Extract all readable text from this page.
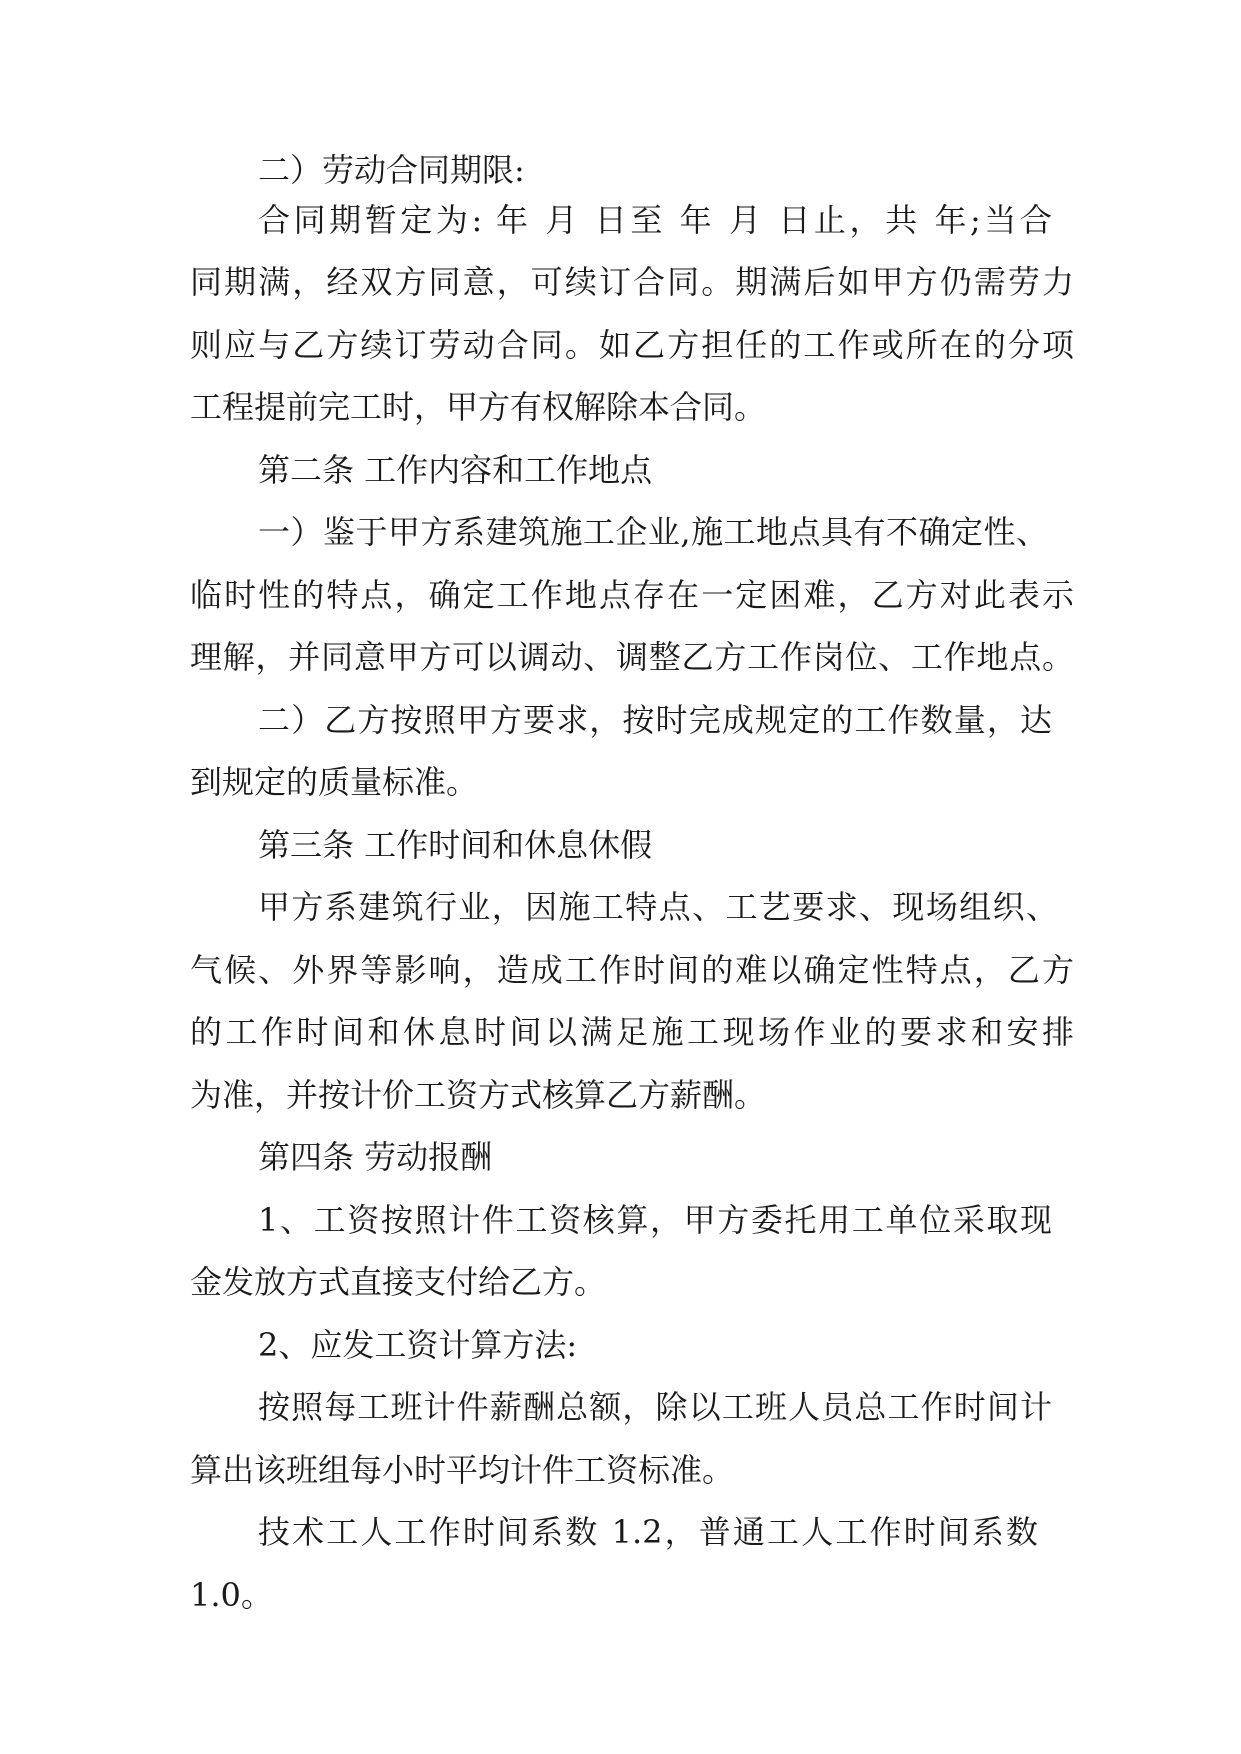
二）劳动合同期限:
合同期暂定为: 年 月 日至 年 月 日止，共 年;当合
同期满，经双方同意，可续订合同。期满后如甲方仍需劳力
则应与乙方续订劳动合同。如乙方担任的工作或所在的分项
工程提前完工时，甲方有权解除本合同。
第二条 工作内容和工作地点
一）鉴于甲方系建筑施工企业,施工地点具有不确定性、
临时性的特点，确定工作地点存在一定困难，乙方对此表示
理解，并同意甲方可以调动、调整乙方工作岗位、工作地点。
二）乙方按照甲方要求，按时完成规定的工作数量，达
到规定的质量标准。
第三条 工作时间和休息休假
甲方系建筑行业，因施工特点、工艺要求、现场组织、
气候、外界等影响，造成工作时间的难以确定性特点，乙方
的工作时间和休息时间以满足施工现场作业的要求和安排
为准，并按计价工资方式核算乙方薪酬。
第四条 劳动报酬
1、工资按照计件工资核算，甲方委托用工单位采取现
金发放方式直接支付给乙方。
2、应发工资计算方法:
按照每工班计件薪酬总额，除以工班人员总工作时间计
算出该班组每小时平均计件工资标准。
技术工人工作时间系数 1.2，普通工人工作时间系数
1.0。
